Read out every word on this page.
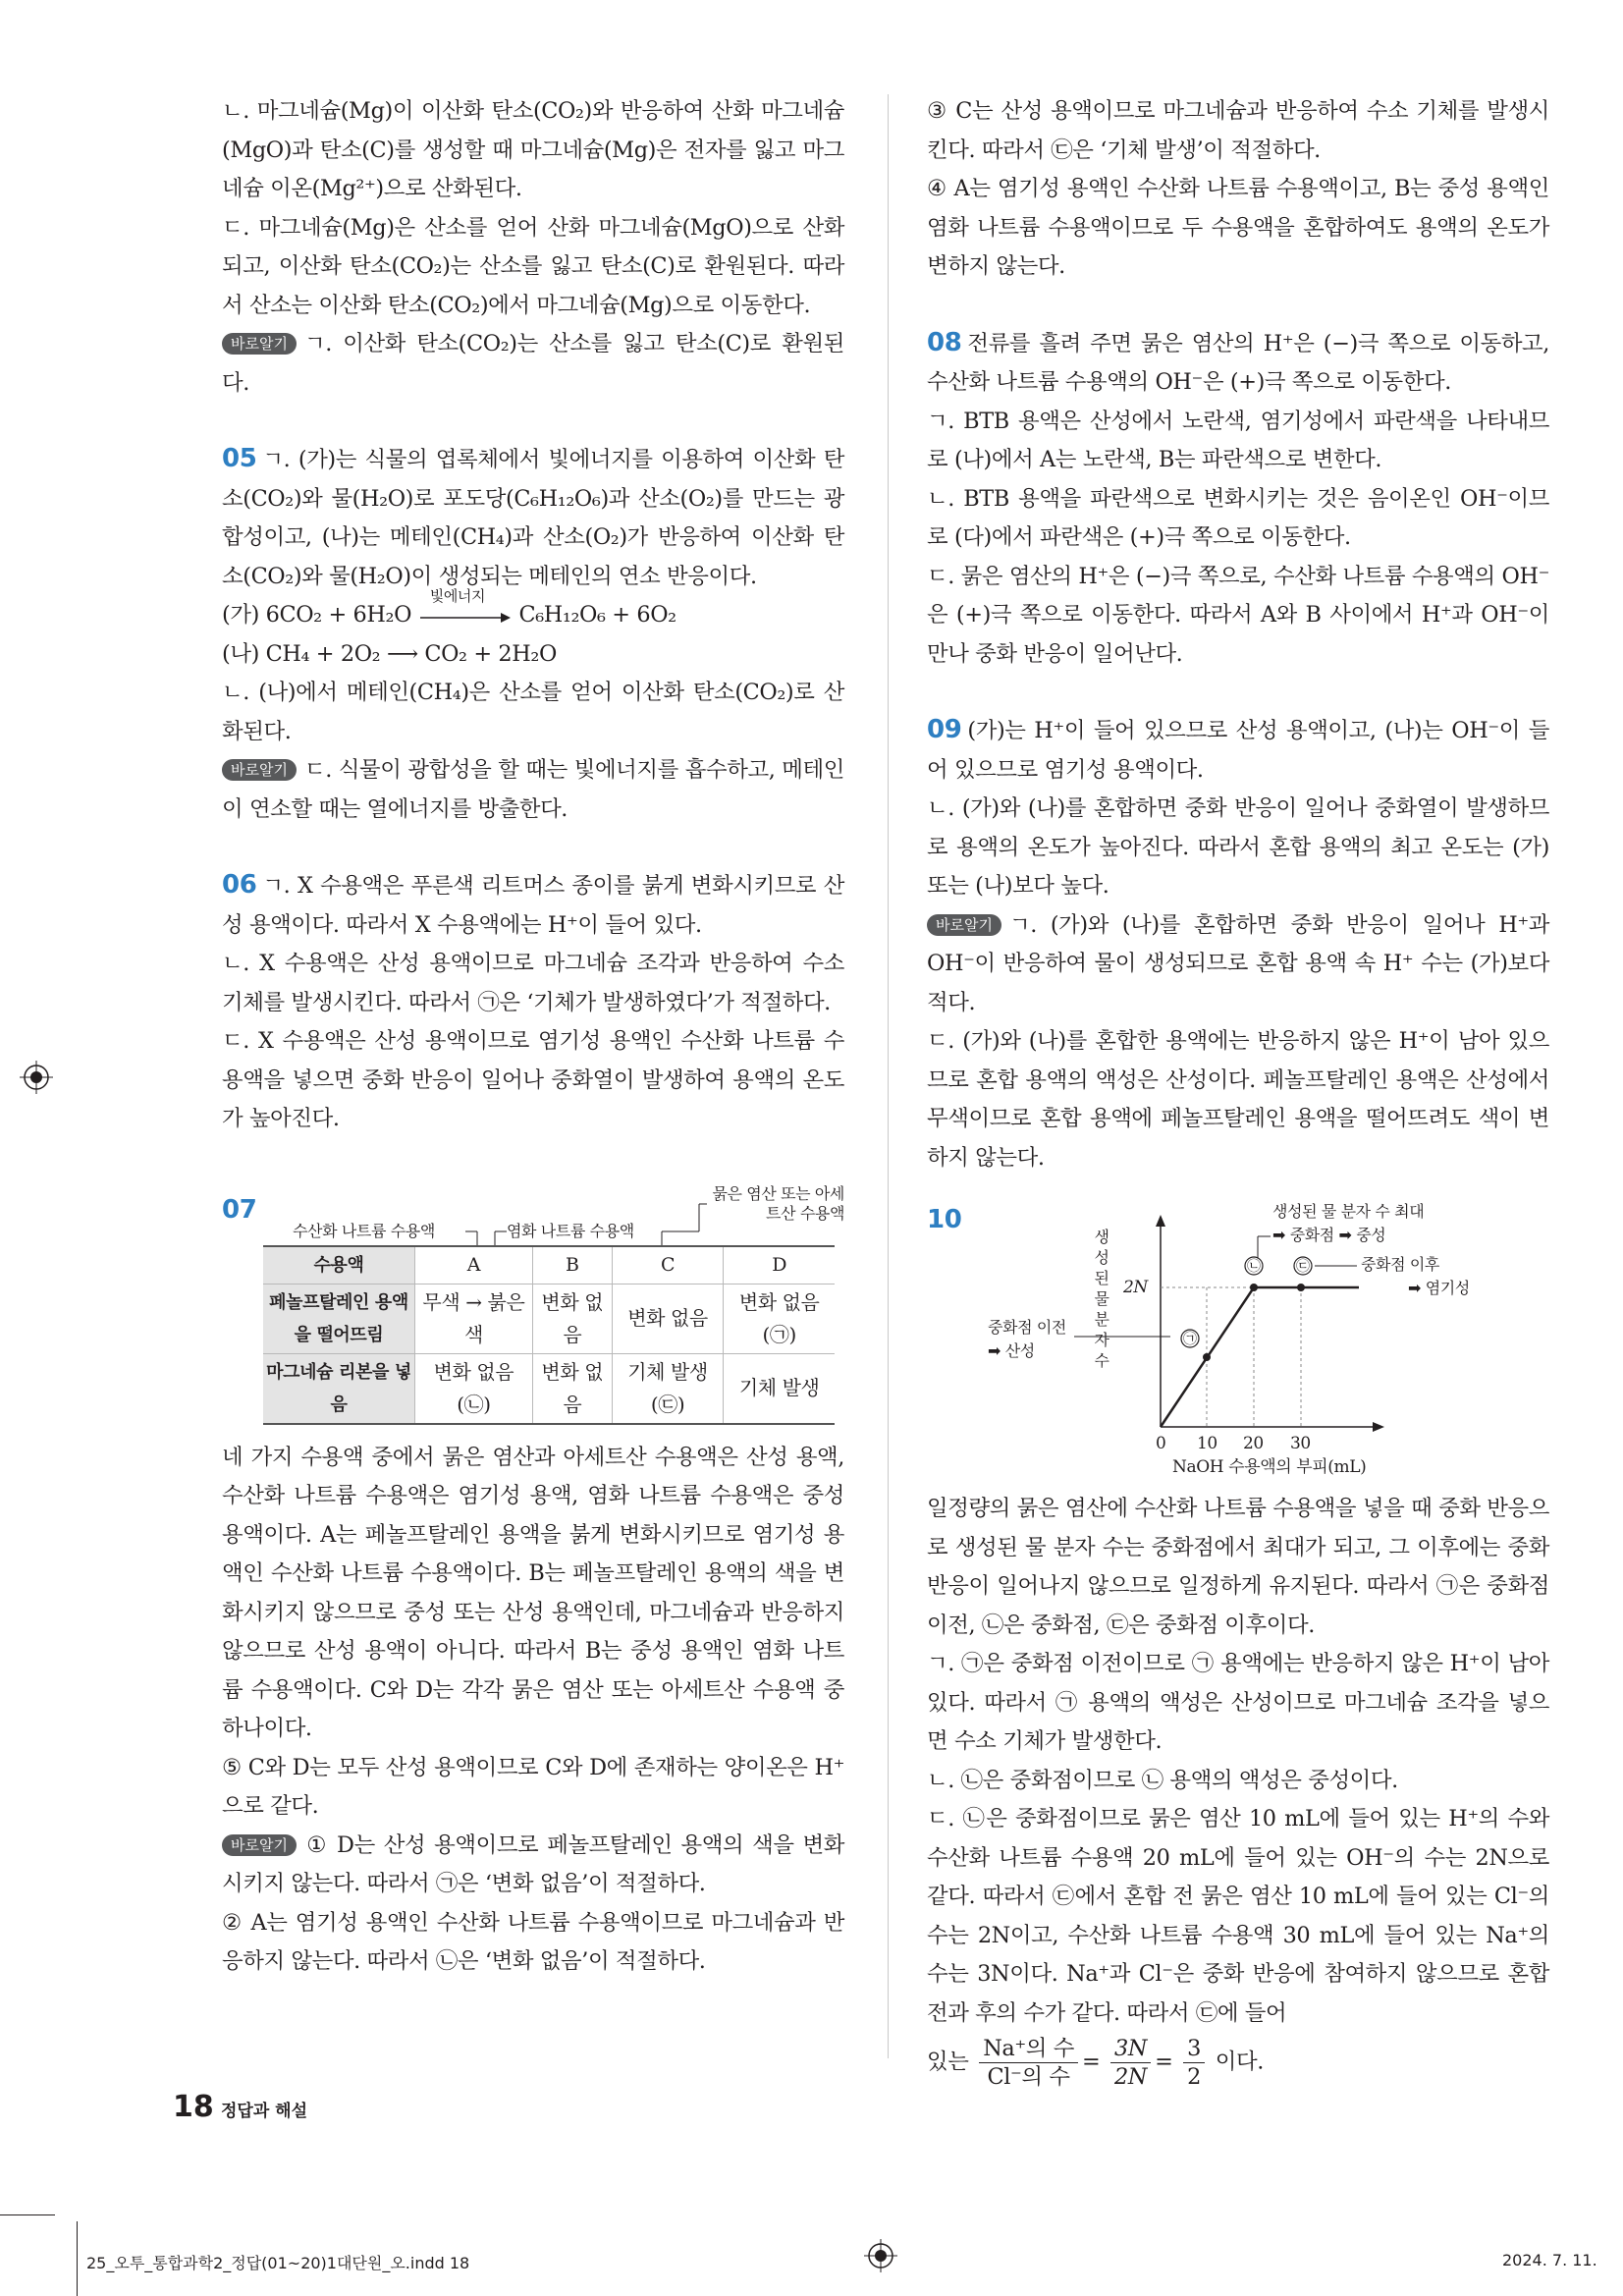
ㄴ. 마그네슘(Mg)이 이산화 탄소(CO₂)와 반응하여 산화 마그네슘(MgO)과 탄소(C)를 생성할 때 마그네슘(Mg)은 전자를 잃고 마그네슘 이온(Mg²⁺)으로 산화된다.

ㄷ. 마그네슘(Mg)은 산소를 얻어 산화 마그네슘(MgO)으로 산화되고, 이산화 탄소(CO₂)는 산소를 잃고 탄소(C)로 환원된다. 따라서 산소는 이산화 탄소(CO₂)에서 마그네슘(Mg)으로 이동한다.

바로알기 ㄱ. 이산화 탄소(CO₂)는 산소를 잃고 탄소(C)로 환원된다.

05 ㄱ. (가)는 식물의 엽록체에서 빛에너지를 이용하여 이산화 탄소(CO₂)와 물(H₂O)로 포도당(C₆H₁₂O₆)과 산소(O₂)를 만드는 광합성이고, (나)는 메테인(CH₄)과 산소(O₂)가 반응하여 이산화 탄소(CO₂)와 물(H₂O)이 생성되는 메테인의 연소 반응이다.

(가) 6CO₂ + 6H₂O
빛에너지
C₆H₁₂O₆ + 6O₂

(나) CH₄ + 2O₂ ⟶ CO₂ + 2H₂O

ㄴ. (나)에서 메테인(CH₄)은 산소를 얻어 이산화 탄소(CO₂)로 산화된다.

바로알기 ㄷ. 식물이 광합성을 할 때는 빛에너지를 흡수하고, 메테인이 연소할 때는 열에너지를 방출한다.

06 ㄱ. X 수용액은 푸른색 리트머스 종이를 붉게 변화시키므로 산성 용액이다. 따라서 X 수용액에는 H⁺이 들어 있다.

ㄴ. X 수용액은 산성 용액이므로 마그네슘 조각과 반응하여 수소 기체를 발생시킨다. 따라서 ㉠은 ‘기체가 발생하였다’가 적절하다.

ㄷ. X 수용액은 산성 용액이므로 염기성 용액인 수산화 나트륨 수용액을 넣으면 중화 반응이 일어나 중화열이 발생하여 용액의 온도가 높아진다.

07
수산화 나트륨 수용액	염화 나트륨 수용액
묽은 염산 또는 아세트산 수용액
수용액	A	B	C	D
페놀프탈레인 용액을 떨어뜨림	무색 → 붉은색	변화 없음	변화 없음	변화 없음(㉠)
마그네슘 리본을 넣음	변화 없음(㉡)	변화 없음	기체 발생(㉢)	기체 발생

네 가지 수용액 중에서 묽은 염산과 아세트산 수용액은 산성 용액, 수산화 나트륨 수용액은 염기성 용액, 염화 나트륨 수용액은 중성 용액이다. A는 페놀프탈레인 용액을 붉게 변화시키므로 염기성 용액인 수산화 나트륨 수용액이다. B는 페놀프탈레인 용액의 색을 변화시키지 않으므로 중성 또는 산성 용액인데, 마그네슘과 반응하지 않으므로 산성 용액이 아니다. 따라서 B는 중성 용액인 염화 나트륨 수용액이다. C와 D는 각각 묽은 염산 또는 아세트산 수용액 중 하나이다.

⑤ C와 D는 모두 산성 용액이므로 C와 D에 존재하는 양이온은 H⁺으로 같다.

바로알기 ① D는 산성 용액이므로 페놀프탈레인 용액의 색을 변화시키지 않는다. 따라서 ㉠은 ‘변화 없음’이 적절하다.

② A는 염기성 용액인 수산화 나트륨 수용액이므로 마그네슘과 반응하지 않는다. 따라서 ㉡은 ‘변화 없음’이 적절하다.

③ C는 산성 용액이므로 마그네슘과 반응하여 수소 기체를 발생시킨다. 따라서 ㉢은 ‘기체 발생’이 적절하다.

④ A는 염기성 용액인 수산화 나트륨 수용액이고, B는 중성 용액인 염화 나트륨 수용액이므로 두 수용액을 혼합하여도 용액의 온도가 변하지 않는다.

08 전류를 흘려 주면 묽은 염산의 H⁺은 (−)극 쪽으로 이동하고, 수산화 나트륨 수용액의 OH⁻은 (+)극 쪽으로 이동한다.

ㄱ. BTB 용액은 산성에서 노란색, 염기성에서 파란색을 나타내므로 (나)에서 A는 노란색, B는 파란색으로 변한다.

ㄴ. BTB 용액을 파란색으로 변화시키는 것은 음이온인 OH⁻이므로 (다)에서 파란색은 (+)극 쪽으로 이동한다.

ㄷ. 묽은 염산의 H⁺은 (−)극 쪽으로, 수산화 나트륨 수용액의 OH⁻은 (+)극 쪽으로 이동한다. 따라서 A와 B 사이에서 H⁺과 OH⁻이 만나 중화 반응이 일어난다.

09 (가)는 H⁺이 들어 있으므로 산성 용액이고, (나)는 OH⁻이 들어 있으므로 염기성 용액이다.

ㄴ. (가)와 (나)를 혼합하면 중화 반응이 일어나 중화열이 발생하므로 용액의 온도가 높아진다. 따라서 혼합 용액의 최고 온도는 (가) 또는 (나)보다 높다.

바로알기 ㄱ. (가)와 (나)를 혼합하면 중화 반응이 일어나 H⁺과 OH⁻이 반응하여 물이 생성되므로 혼합 용액 속 H⁺ 수는 (가)보다 적다.

ㄷ. (가)와 (나)를 혼합한 용액에는 반응하지 않은 H⁺이 남아 있으므로 혼합 용액의 액성은 산성이다. 페놀프탈레인 용액은 산성에서 무색이므로 혼합 용액에 페놀프탈레인 용액을 떨어뜨려도 색이 변하지 않는다.

10	생성된 물 분자 수 최대
➡ 중화점 ➡ 중성
중화점 이후
➡ 염기성
중화점 이전
➡ 산성
㉠
㉡	㉢
2N
0 10 20 30
NaOH 수용액의 부피(mL)
생성된 물 분자 수

일정량의 묽은 염산에 수산화 나트륨 수용액을 넣을 때 중화 반응으로 생성된 물 분자 수는 중화점에서 최대가 되고, 그 이후에는 중화 반응이 일어나지 않으므로 일정하게 유지된다. 따라서 ㉠은 중화점 이전, ㉡은 중화점, ㉢은 중화점 이후이다.

ㄱ. ㉠은 중화점 이전이므로 ㉠ 용액에는 반응하지 않은 H⁺이 남아 있다. 따라서 ㉠ 용액의 액성은 산성이므로 마그네슘 조각을 넣으면 수소 기체가 발생한다.

ㄴ. ㉡은 중화점이므로 ㉡ 용액의 액성은 중성이다.

ㄷ. ㉡은 중화점이므로 묽은 염산 10 mL에 들어 있는 H⁺의 수와 수산화 나트륨 수용액 20 mL에 들어 있는 OH⁻의 수는 2N으로 같다. 따라서 ㉢에서 혼합 전 묽은 염산 10 mL에 들어 있는 Cl⁻의 수는 2N이고, 수산화 나트륨 수용액 30 mL에 들어 있는 Na⁺의 수는 3N이다. Na⁺과 Cl⁻은 중화 반응에 참여하지 않으므로 혼합 전과 후의 수가 같다. 따라서 ㉢에 들어

있는 $\frac{\text{Na⁺의 수}}{\text{Cl⁻의 수}} = \frac{3N}{2N} = \frac{3}{2}$ 이다.

18 정답과 해설
25_오투_통합과학2_정답(01~20)1대단원_오.indd 18	2024. 7. 11.
